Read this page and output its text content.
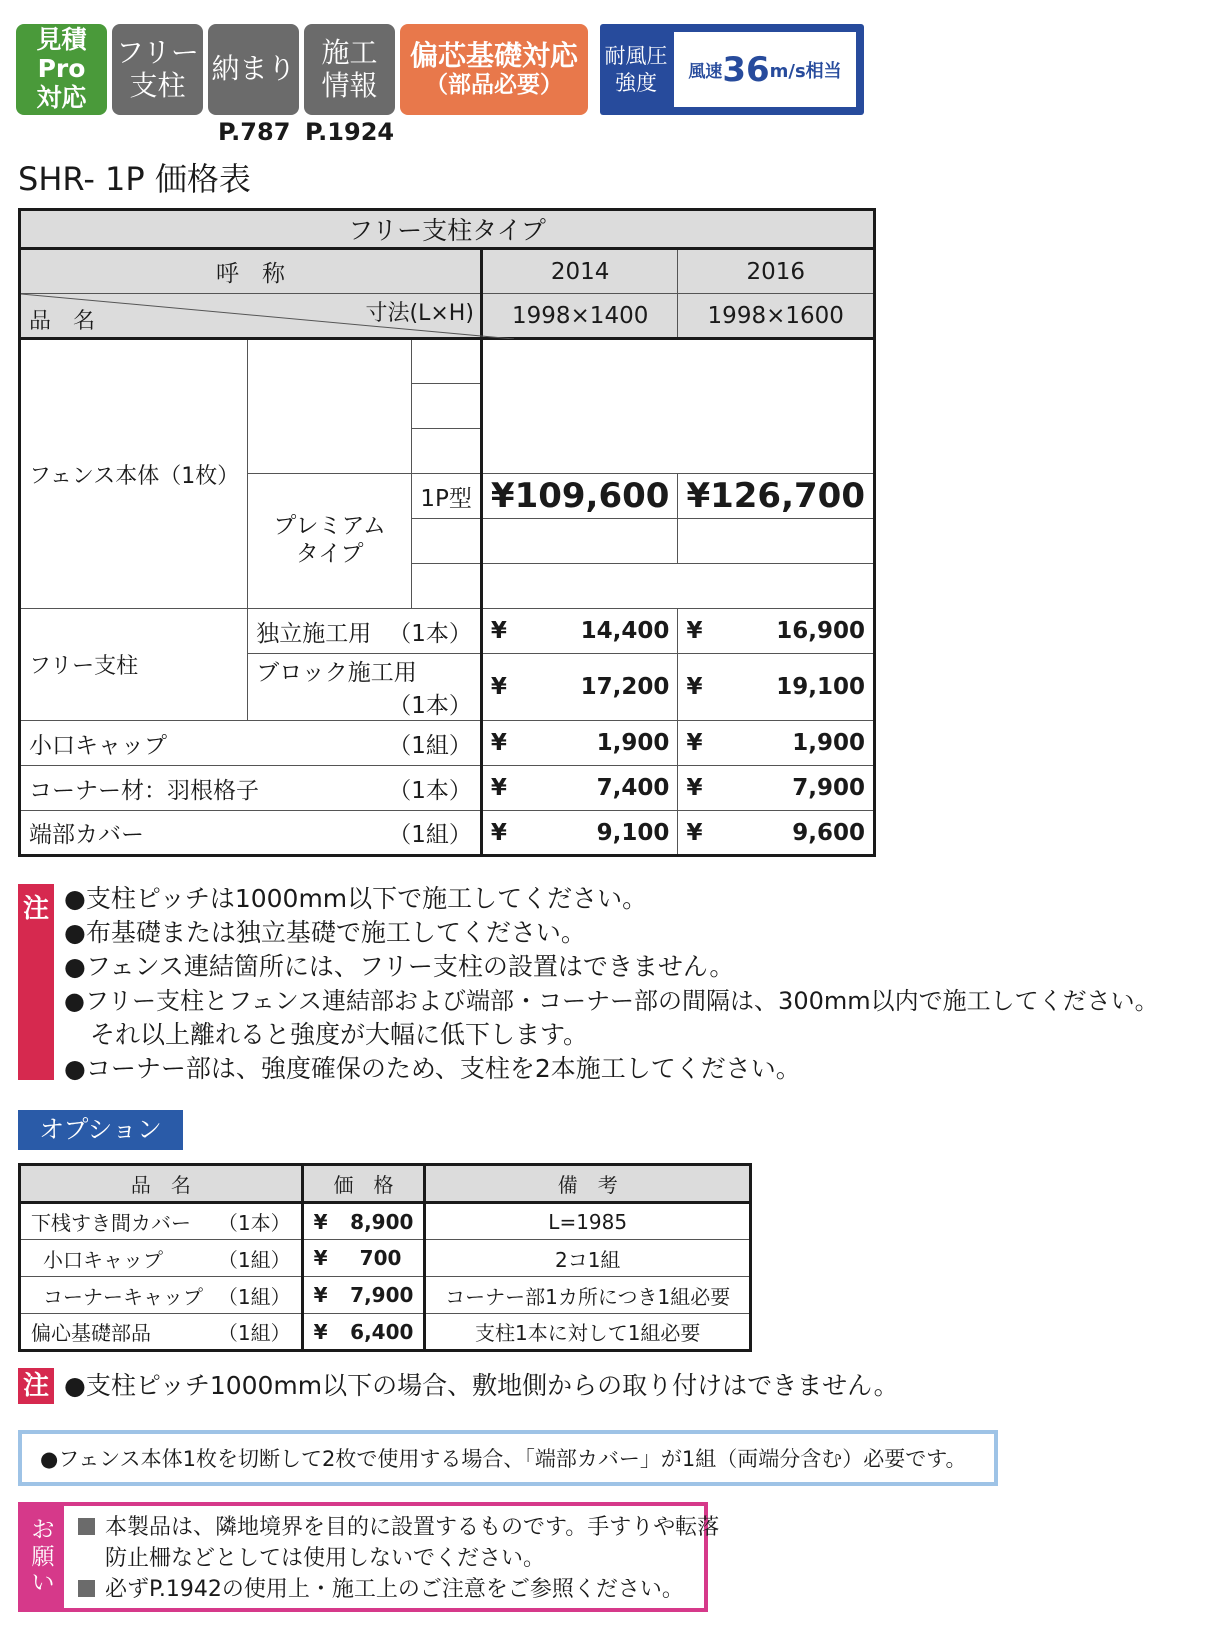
見積Pro
対応
フリー
支柱 納まり 施工
情報
偏芯基礎対応
（部品必要）
耐風圧
強度 風速 36 m/s相当
P.787 P.1924
SHR- 1P 価格表
フリー支柱タイプ				
呼　称			2014	2016

寸法(L×H)
品　名			1998×1400	1998×1600
フェンス本体（1枚）				

	プレミアム
タイプ	1P型	¥109,600	¥126,700

フリー支柱	独立施工用 （1本）		¥ 14,400	¥ 16,900

	ブロック施工用
（1本）		¥ 17,200	¥ 19,100

小口キャップ （1組）			¥ 1,900	¥ 1,900

コーナー材：羽根格子 （1本）			¥ 7,400	¥ 7,900

端部カバー （1組）			¥ 9,100	¥ 9,600
注 ●支柱ピッチは1000mm以下で施工してください。
●布基礎または独立基礎で施工してください。
●フェンス連結箇所には、フリー支柱の設置はできません。
●フリー支柱とフェンス連結部および端部・コーナー部の間隔は、300mm以内で施工してください。
それ以上離れると強度が大幅に低下します。
●コーナー部は、強度確保のため、支柱を2本施工してください。
オプション
品　名	価　格	備　考
下桟すき間カバー （1本）	¥ 8,900	L=1985
小口キャップ （1組）	¥ 700	2コ1組
コーナーキャップ （1組）	¥ 7,900	コーナー部1カ所につき1組必要
偏心基礎部品 （1組）	¥ 6,400	支柱1本に対して1組必要
注 ●支柱ピッチ1000mm以下の場合、敷地側からの取り付けはできません。
●フェンス本体1枚を切断して2枚で使用する場合、「端部カバー」が1組（両端分含む）必要です。
お
願
い
本製品は、隣地境界を目的に設置するものです。手すりや転落
防止柵などとしては使用しないでください。
必ずP.1942の使用上・施工上のご注意をご参照ください。
